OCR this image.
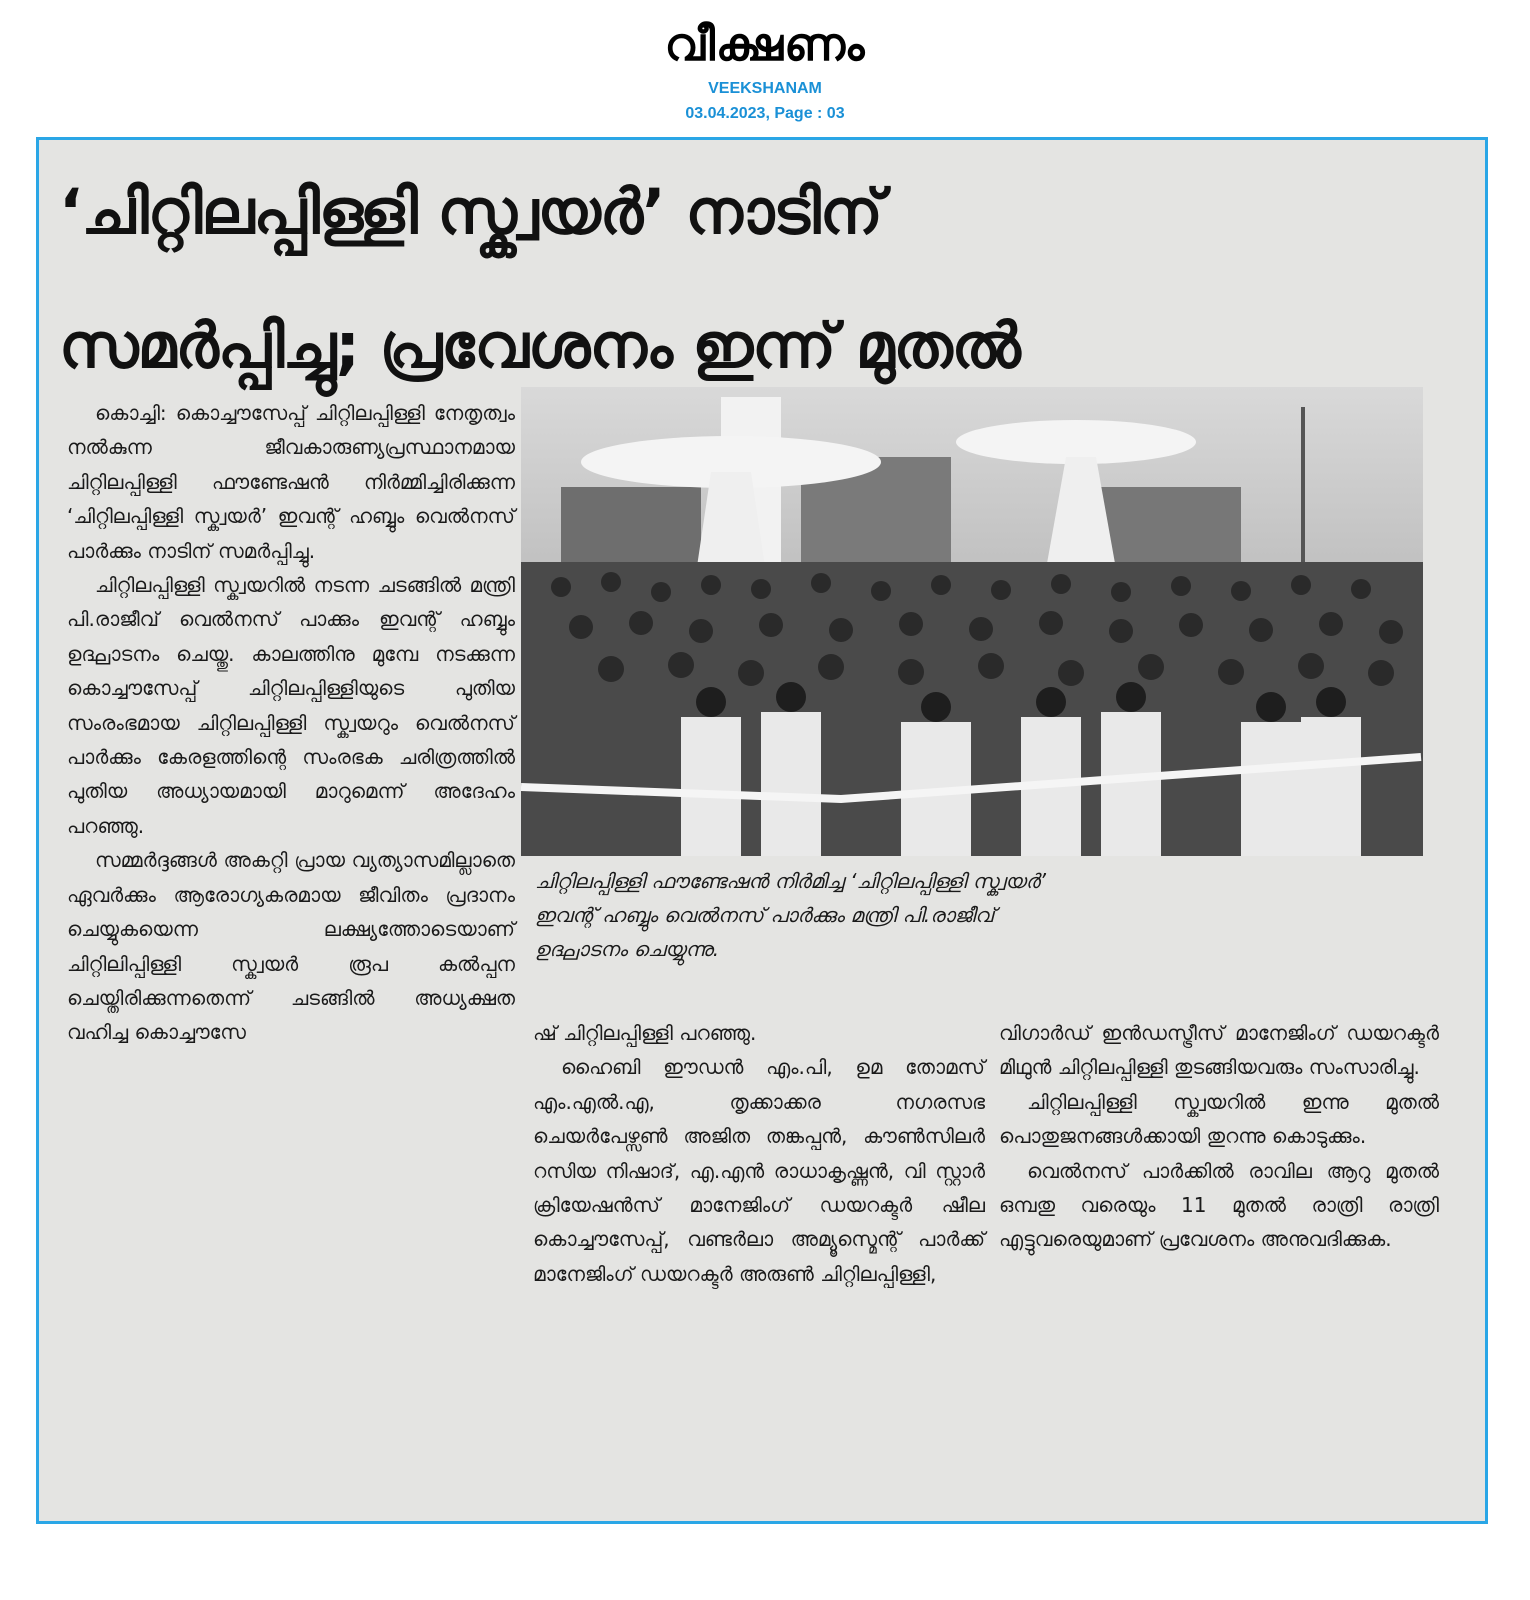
വീക്ഷണം
VEEKSHANAM
03.04.2023, Page : 03
‘ചിറ്റിലപ്പിള്ളി സ്ക്വയർ’ നാടിന്
സമർപ്പിച്ചു; പ്രവേശനം ഇന്ന് മുതൽ

കൊച്ചി: കൊച്ചൗസേപ്പ് ചിറ്റിലപ്പിള്ളി നേതൃത്വം നൽകുന്ന ജീവകാരുണ്യപ്രസ്ഥാനമായ ചിറ്റിലപ്പിള്ളി ഫൗണ്ടേഷൻ നിർമ്മിച്ചിരിക്കുന്ന ‘ചിറ്റിലപ്പിള്ളി സ്ക്വയർ’ ഇവന്റ് ഹബ്ബും വെൽനസ് പാർക്കും നാടിന് സമർപ്പിച്ചു.

ചിറ്റിലപ്പിള്ളി സ്ക്വയറിൽ നടന്ന ചടങ്ങിൽ മന്ത്രി പി.രാജീവ് വെൽനസ് പാക്കും ഇവന്റ് ഹബ്ബും ഉദ്ഘാടനം ചെയ്തു. കാലത്തിനു മുമ്പേ നടക്കുന്ന കൊച്ചൗസേപ്പ് ചിറ്റിലപ്പിള്ളിയുടെ പുതിയ സംരംഭമായ ചിറ്റിലപ്പിള്ളി സ്ക്വയറും വെൽനസ് പാർക്കും കേരളത്തിന്റെ സംരഭക ചരിത്രത്തിൽ പുതിയ അധ്യായമായി മാറുമെന്ന് അദേഹം പറഞ്ഞു.

സമ്മർദ്ദങ്ങൾ അകറ്റി പ്രായ വ്യത്യാസമില്ലാതെ ഏവർക്കും ആരോഗ്യകരമായ ജീവിതം പ്രദാനം ചെയ്യുകയെന്ന ലക്ഷ്യത്തോടെയാണ് ചിറ്റിലിപ്പിള്ളി സ്ക്വയർ രൂപ കൽപ്പന ചെയ്തിരിക്കുന്നതെന്ന് ചടങ്ങിൽ അധ്യക്ഷത വഹിച്ച കൊച്ചൗസേ

ചിറ്റിലപ്പിള്ളി ഫൗണ്ടേഷൻ നിർമിച്ച ‘ചിറ്റിലപ്പിള്ളി സ്ക്വയർ’
ഇവന്റ് ഹബ്ബും വെൽനസ് പാർക്കും മന്ത്രി പി.രാജീവ്
ഉദ്ഘാടനം ചെയ്യുന്നു.

ഷ് ചിറ്റിലപ്പിള്ളി പറഞ്ഞു.

ഹൈബി ഈഡൻ എം.പി, ഉമ തോമസ് എം.എൽ.എ, തൃക്കാക്കര നഗരസഭ ചെയർപേഴ്സൺ അജിത തങ്കപ്പൻ, കൗൺസിലർ റസിയ നിഷാദ്, എ.എൻ രാധാകൃഷ്ണൻ, വി സ്റ്റാർ ക്രിയേഷൻസ് മാനേജിംഗ് ഡയറക്ടർ ഷീല കൊച്ചൗസേപ്പ്, വണ്ടർലാ അമ്യൂസ്മെന്റ് പാർക്ക് മാനേജിംഗ് ഡയറക്ടർ അരുൺ ചിറ്റിലപ്പിള്ളി,

വിഗാർഡ് ഇൻഡസ്ട്രീസ് മാനേജിംഗ് ഡയറക്ടർ മിഥുൻ ചിറ്റിലപ്പിള്ളി തുടങ്ങിയവരും സംസാരിച്ചു.

ചിറ്റിലപ്പിള്ളി സ്ക്വയറിൽ ഇന്നു മുതൽ പൊതുജനങ്ങൾക്കായി തുറന്നു കൊടുക്കും.

വെൽനസ് പാർക്കിൽ രാവില ആറു മുതൽ ഒമ്പതു വരെയും 11 മുതൽ രാത്രി രാത്രി എട്ടുവരെയുമാണ് പ്രവേശനം അനുവദിക്കുക.
